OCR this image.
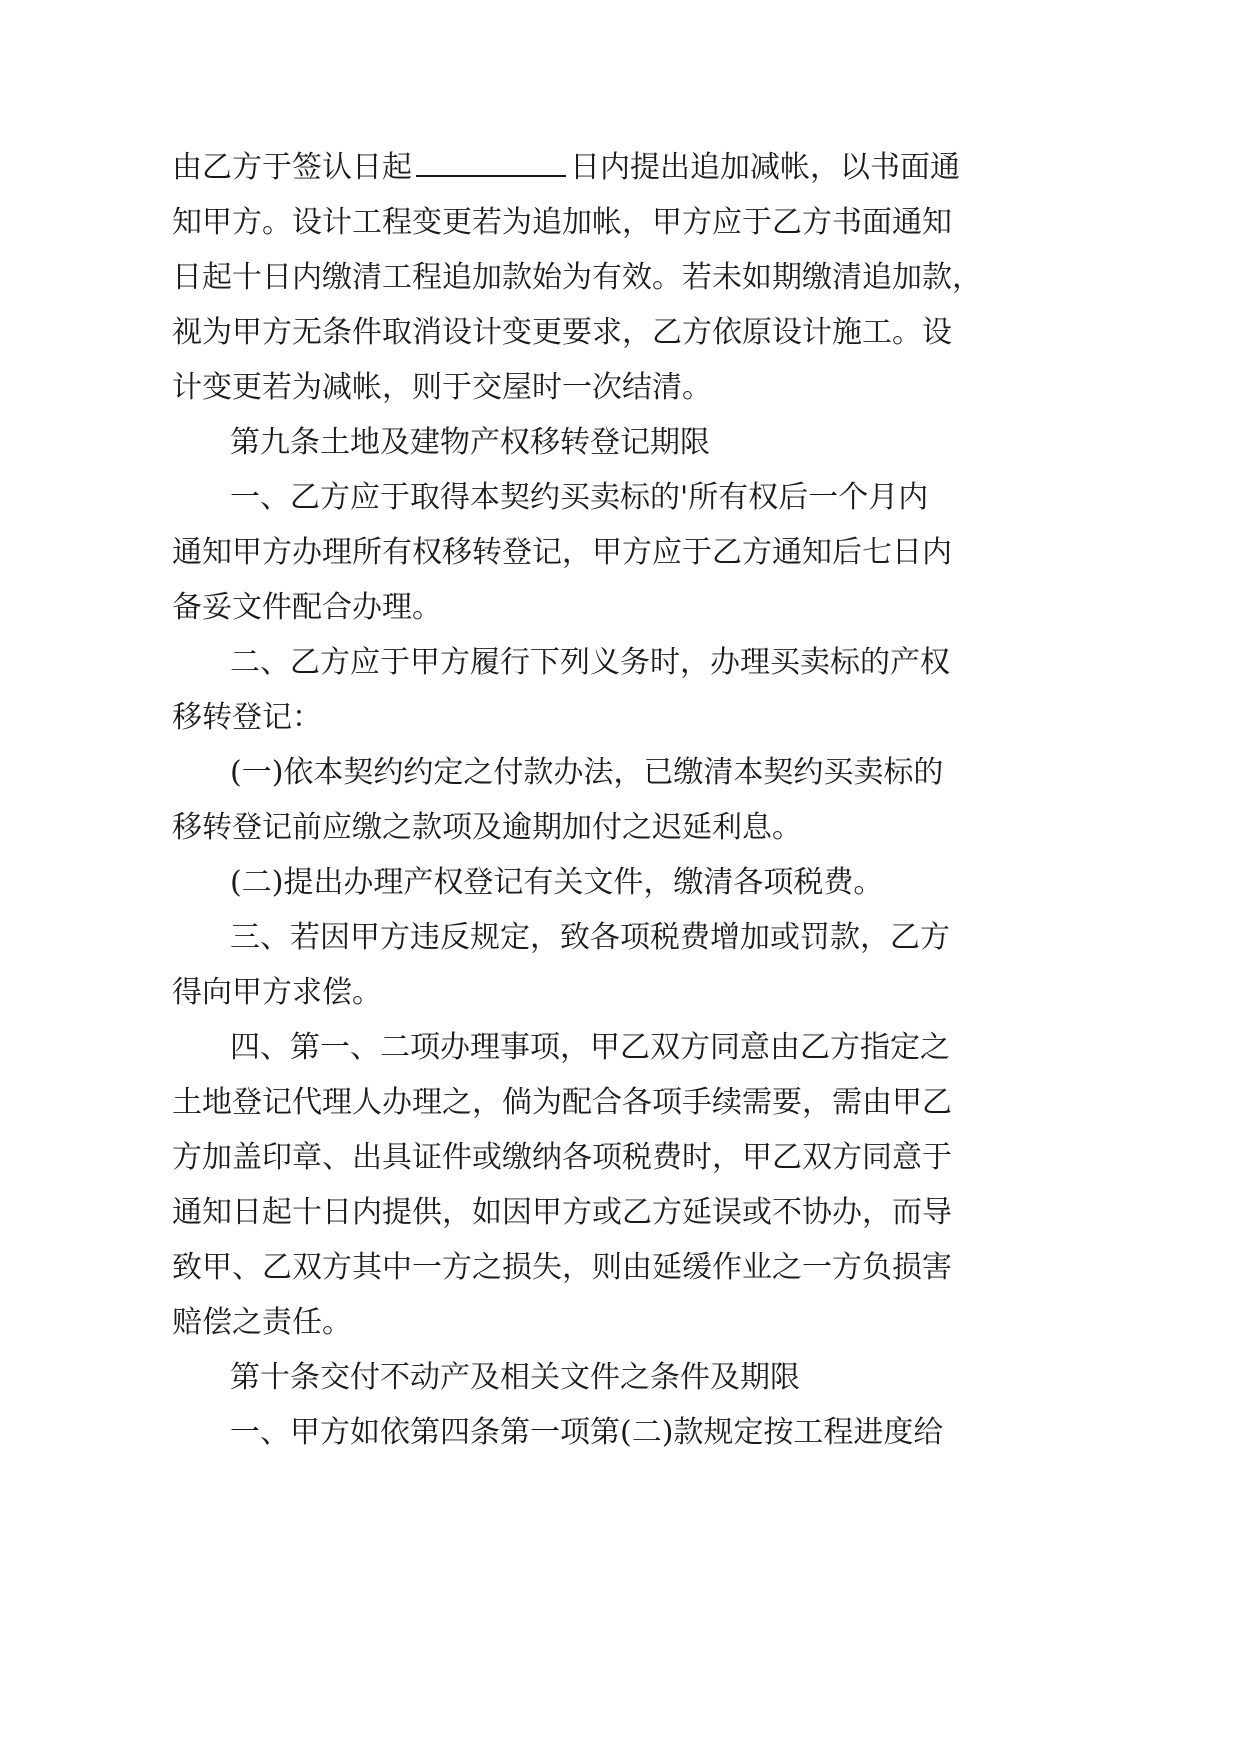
由乙方于签认日起	日内提出追加减帐，以书面通
知甲方。设计工程变更若为追加帐，甲方应于乙方书面通知
日起十日内缴清工程追加款始为有效。若未如期缴清追加款，
视为甲方无条件取消设计变更要求，乙方依原设计施工。设
计变更若为减帐，则于交屋时一次结清。
第九条土地及建物产权移转登记期限
一、乙方应于取得本契约买卖标的'所有权后一个月内
通知甲方办理所有权移转登记，甲方应于乙方通知后七日内
备妥文件配合办理。
二、乙方应于甲方履行下列义务时，办理买卖标的产权
移转登记：
(一)依本契约约定之付款办法，已缴清本契约买卖标的
移转登记前应缴之款项及逾期加付之迟延利息。
(二)提出办理产权登记有关文件，缴清各项税费。
三、若因甲方违反规定，致各项税费增加或罚款，乙方
得向甲方求偿。
四、第一、二项办理事项，甲乙双方同意由乙方指定之
土地登记代理人办理之，倘为配合各项手续需要，需由甲乙
方加盖印章、出具证件或缴纳各项税费时，甲乙双方同意于
通知日起十日内提供，如因甲方或乙方延误或不协办，而导
致甲、乙双方其中一方之损失，则由延缓作业之一方负损害
赔偿之责任。
第十条交付不动产及相关文件之条件及期限
一、甲方如依第四条第一项第(二)款规定按工程进度给
